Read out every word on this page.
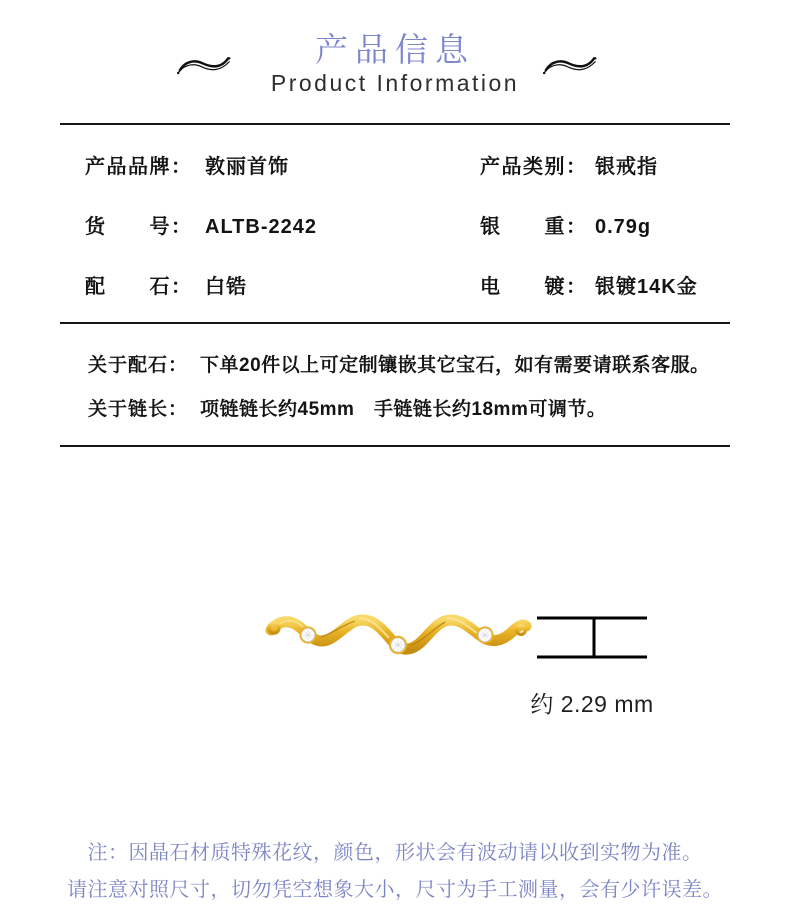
产品信息
Product Information
产品品牌： 敦丽首饰	产品类别： 银戒指
货　　号： ALTB-2242	银　　重： 0.79g
配　　石： 白锆	电　　镀： 银镀14K金
关于配石： 下单20件以上可定制镶嵌其它宝石，如有需要请联系客服。
关于链长： 项链链长约45mm　手链链长约18mm可调节。
约 2.29 mm
注：因晶石材质特殊花纹，颜色，形状会有波动请以收到实物为准。
请注意对照尺寸，切勿凭空想象大小，尺寸为手工测量，会有少许误差。
